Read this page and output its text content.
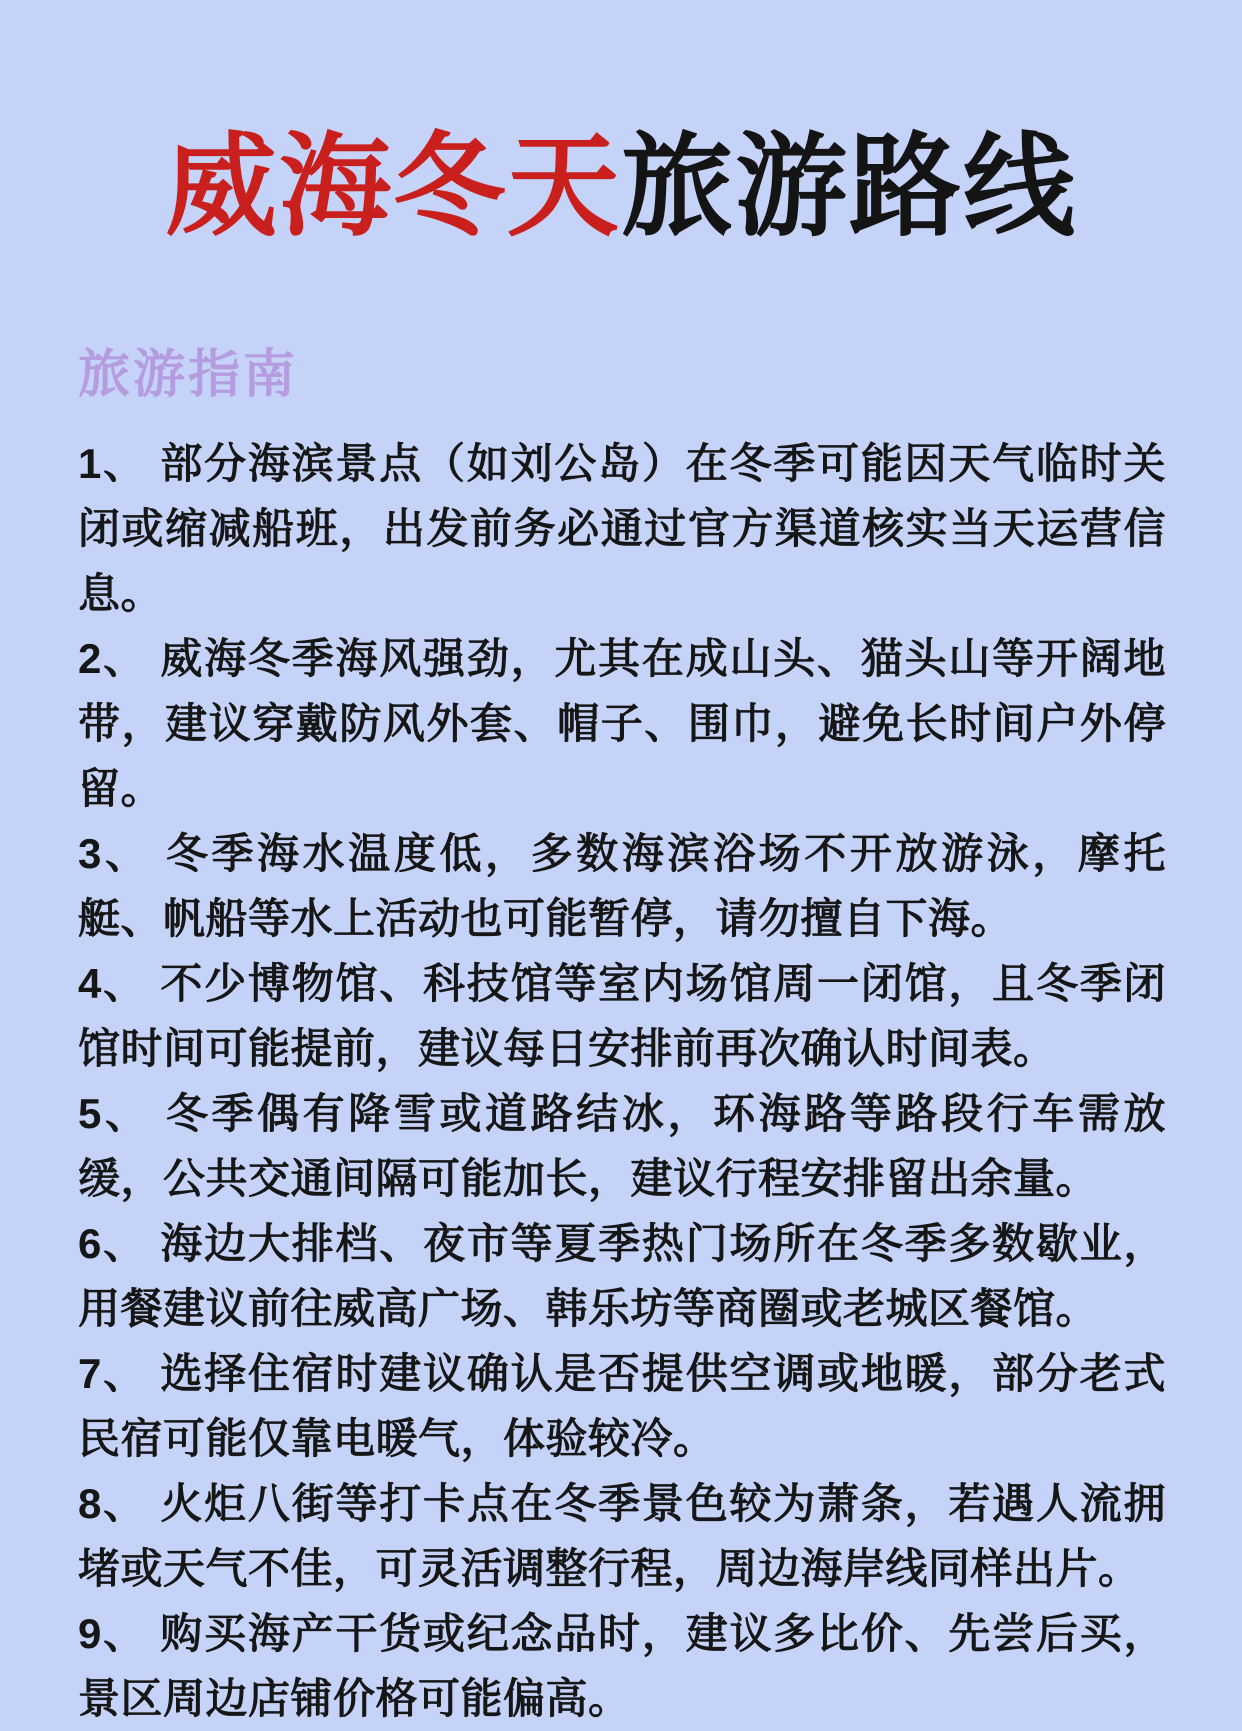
威海冬天旅游路线
旅游指南

1、 部分海滨景点（如刘公岛）在冬季可能因天气临时关闭或缩减船班，出发前务必通过官方渠道核实当天运营信息。

2、 威海冬季海风强劲，尤其在成山头、猫头山等开阔地带，建议穿戴防风外套、帽子、围巾，避免长时间户外停留。

3、 冬季海水温度低，多数海滨浴场不开放游泳，摩托艇、帆船等水上活动也可能暂停，请勿擅自下海。

4、 不少博物馆、科技馆等室内场馆周一闭馆，且冬季闭馆时间可能提前，建议每日安排前再次确认时间表。

5、 冬季偶有降雪或道路结冰，环海路等路段行车需放缓，公共交通间隔可能加长，建议行程安排留出余量。

6、 海边大排档、夜市等夏季热门场所在冬季多数歇业，用餐建议前往威高广场、韩乐坊等商圈或老城区餐馆。

7、 选择住宿时建议确认是否提供空调或地暖，部分老式民宿可能仅靠电暖气，体验较冷。

8、 火炬八街等打卡点在冬季景色较为萧条，若遇人流拥堵或天气不佳，可灵活调整行程，周边海岸线同样出片。

9、 购买海产干货或纪念品时，建议多比价、先尝后买，景区周边店铺价格可能偏高。
